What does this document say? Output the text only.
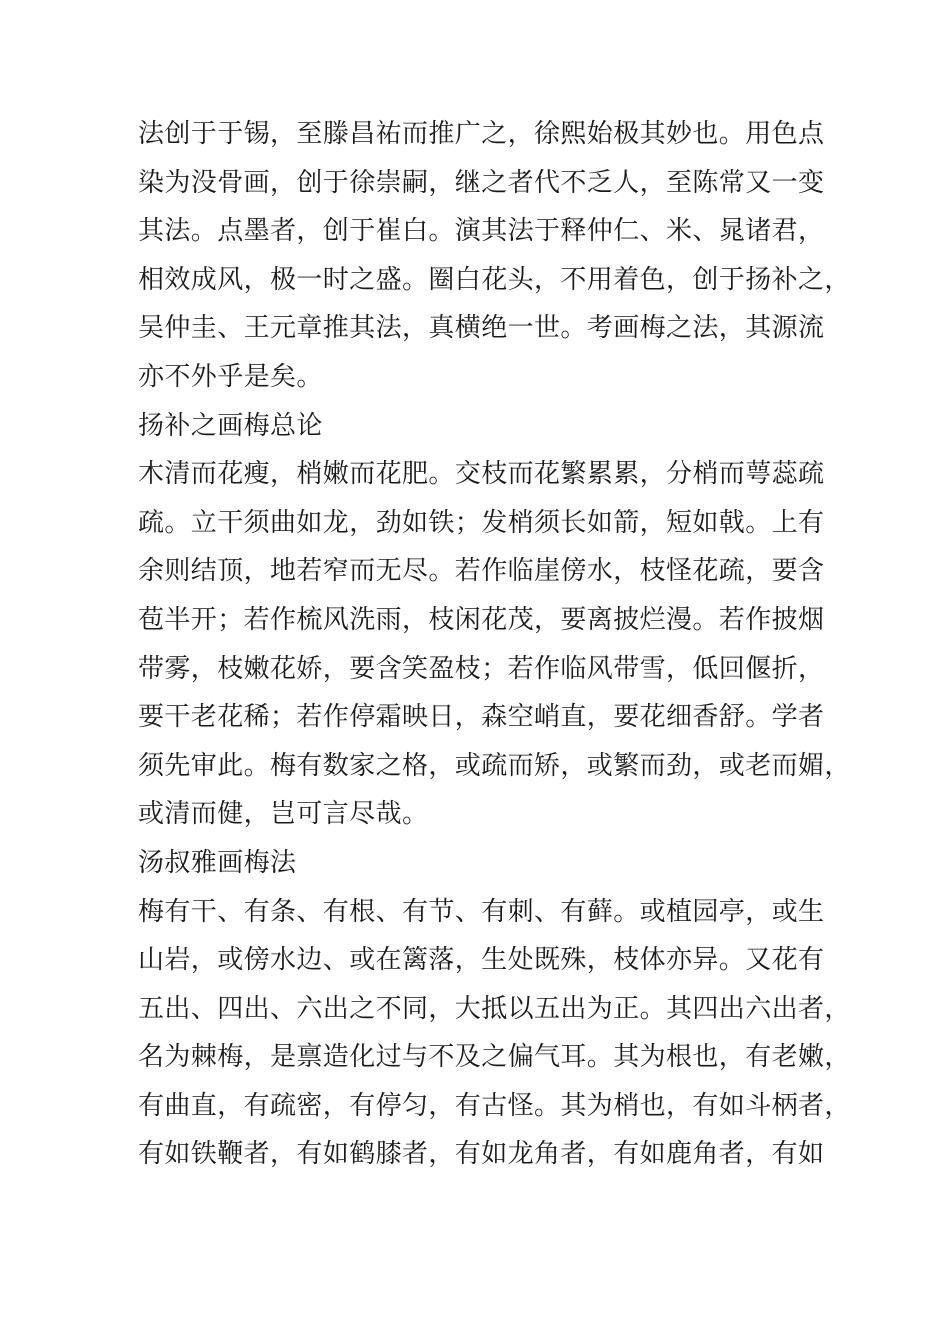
法创于于锡，至滕昌祐而推广之，徐熙始极其妙也。用色点
染为没骨画，创于徐崇嗣，继之者代不乏人，至陈常又一变
其法。点墨者，创于崔白。演其法于释仲仁、米、晁诸君，
相效成风，极一时之盛。圈白花头，不用着色，创于扬补之，
吴仲圭、王元章推其法，真横绝一世。考画梅之法，其源流
亦不外乎是矣。
扬补之画梅总论
木清而花瘦，梢嫩而花肥。交枝而花繁累累，分梢而萼蕊疏
疏。立干须曲如龙，劲如铁；发梢须长如箭，短如戟。上有
余则结顶，地若窄而无尽。若作临崖傍水，枝怪花疏，要含
苞半开；若作梳风洗雨，枝闲花茂，要离披烂漫。若作披烟
带雾，枝嫩花娇，要含笑盈枝；若作临风带雪，低回偃折，
要干老花稀；若作停霜映日，森空峭直，要花细香舒。学者
须先审此。梅有数家之格，或疏而矫，或繁而劲，或老而媚，
或清而健，岂可言尽哉。
汤叔雅画梅法
梅有干、有条、有根、有节、有刺、有藓。或植园亭，或生
山岩，或傍水边、或在篱落，生处既殊，枝体亦异。又花有
五出、四出、六出之不同，大抵以五出为正。其四出六出者，
名为棘梅，是禀造化过与不及之偏气耳。其为根也，有老嫩，
有曲直，有疏密，有停匀，有古怪。其为梢也，有如斗柄者，
有如铁鞭者，有如鹤膝者，有如龙角者，有如鹿角者，有如
